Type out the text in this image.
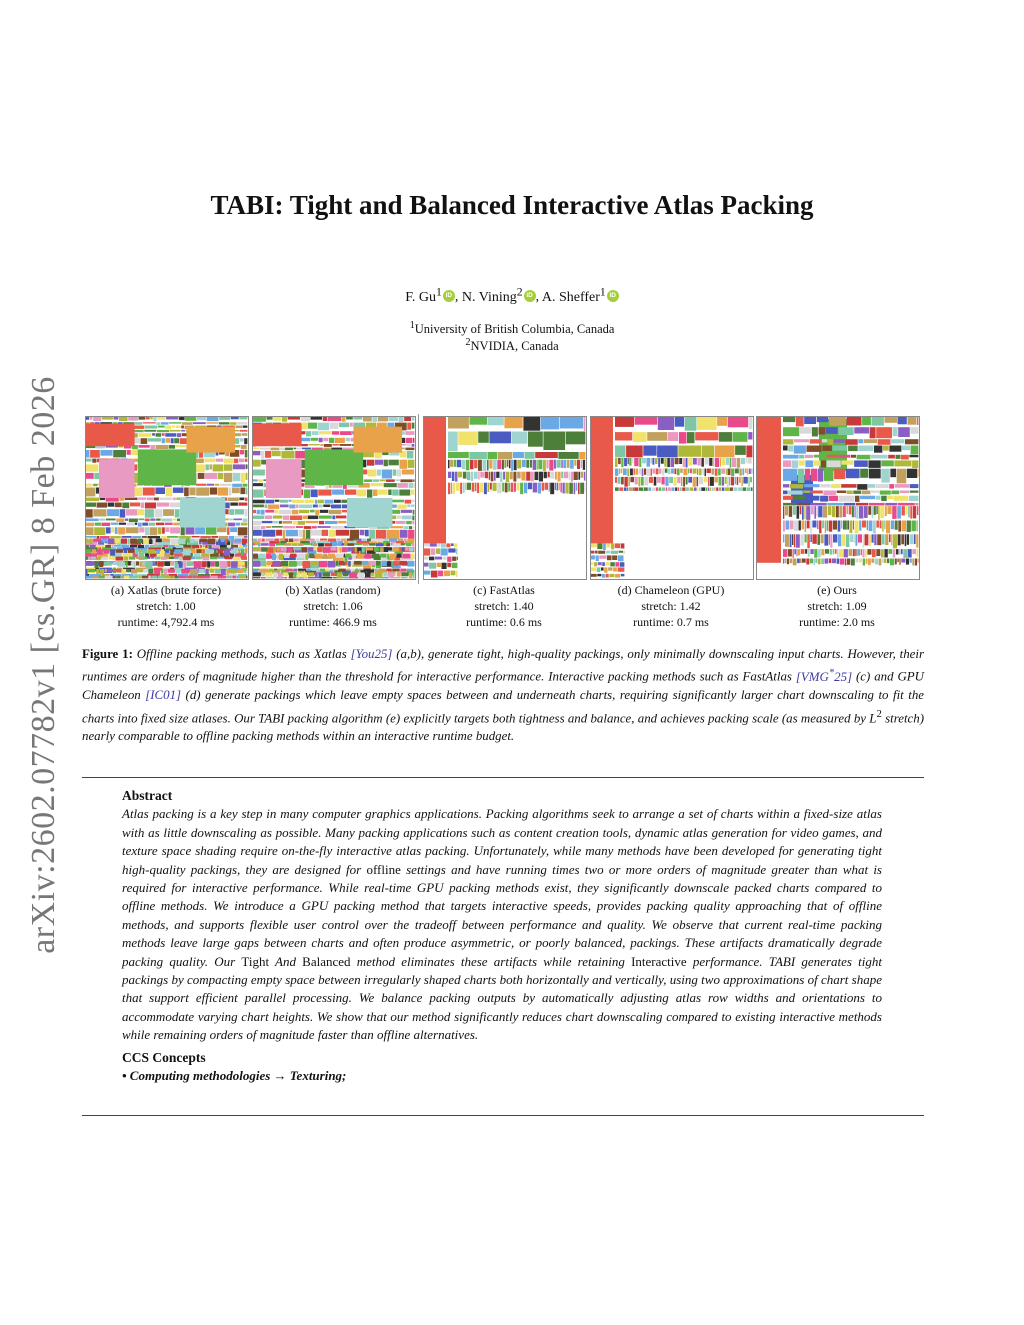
arXiv:2602.07782v1 [cs.GR] 8 Feb 2026
TABI: Tight and Balanced Interactive Atlas Packing
F. Gu$^1$ iD , N. Vining$^2$ iD , A. Sheffer$^1$ iD
$^1$University of British Columbia, Canada
$^2$NVIDIA, Canada
(a) Xatlas (brute force)
stretch: 1.00
runtime: 4,792.4 ms
(b) Xatlas (random)
stretch: 1.06
runtime: 466.9 ms
(c) FastAtlas
stretch: 1.40
runtime: 0.6 ms
(d) Chameleon (GPU)
stretch: 1.42
runtime: 0.7 ms
(e) Ours
stretch: 1.09
runtime: 2.0 ms
Figure 1: Offline packing methods, such as Xatlas [You25] (a,b), generate tight, high-quality packings, only minimally downscaling input charts. However, their runtimes are orders of magnitude higher than the threshold for interactive performance. Interactive packing methods such as FastAtlas [VMG*25] (c) and GPU Chameleon [IC01] (d) generate packings which leave empty spaces between and underneath charts, requiring significantly larger chart downscaling to fit the charts into fixed size atlases. Our TABI packing algorithm (e) explicitly targets both tightness and balance, and achieves packing scale (as measured by $L^2$ stretch) nearly comparable to offline packing methods within an interactive runtime budget.
Abstract

Atlas packing is a key step in many computer graphics applications. Packing algorithms seek to arrange a set of charts within a fixed-size atlas with as little downscaling as possible. Many packing applications such as content creation tools, dynamic atlas generation for video games, and texture space shading require on-the-fly interactive atlas packing. Unfortunately, while many methods have been developed for generating tight high-quality packings, they are designed for offline settings and have running times two or more orders of magnitude greater than what is required for interactive performance. While real-time GPU packing methods exist, they significantly downscale packed charts compared to offline methods. We introduce a GPU packing method that targets interactive speeds, provides packing quality approaching that of offline methods, and supports flexible user control over the tradeoff between performance and quality. We observe that current real-time packing methods leave large gaps between charts and often produce asymmetric, or poorly balanced, packings. These artifacts dramatically degrade packing quality. Our Tight And Balanced method eliminates these artifacts while retaining Interactive performance. TABI generates tight packings by compacting empty space between irregularly shaped charts both horizontally and vertically, using two approximations of chart shape that support efficient parallel processing. We balance packing outputs by automatically adjusting atlas row widths and orientations to accommodate varying chart heights. We show that our method significantly reduces chart downscaling compared to existing interactive methods while remaining orders of magnitude faster than offline alternatives.

CCS Concepts

• Computing methodologies → Texturing;
